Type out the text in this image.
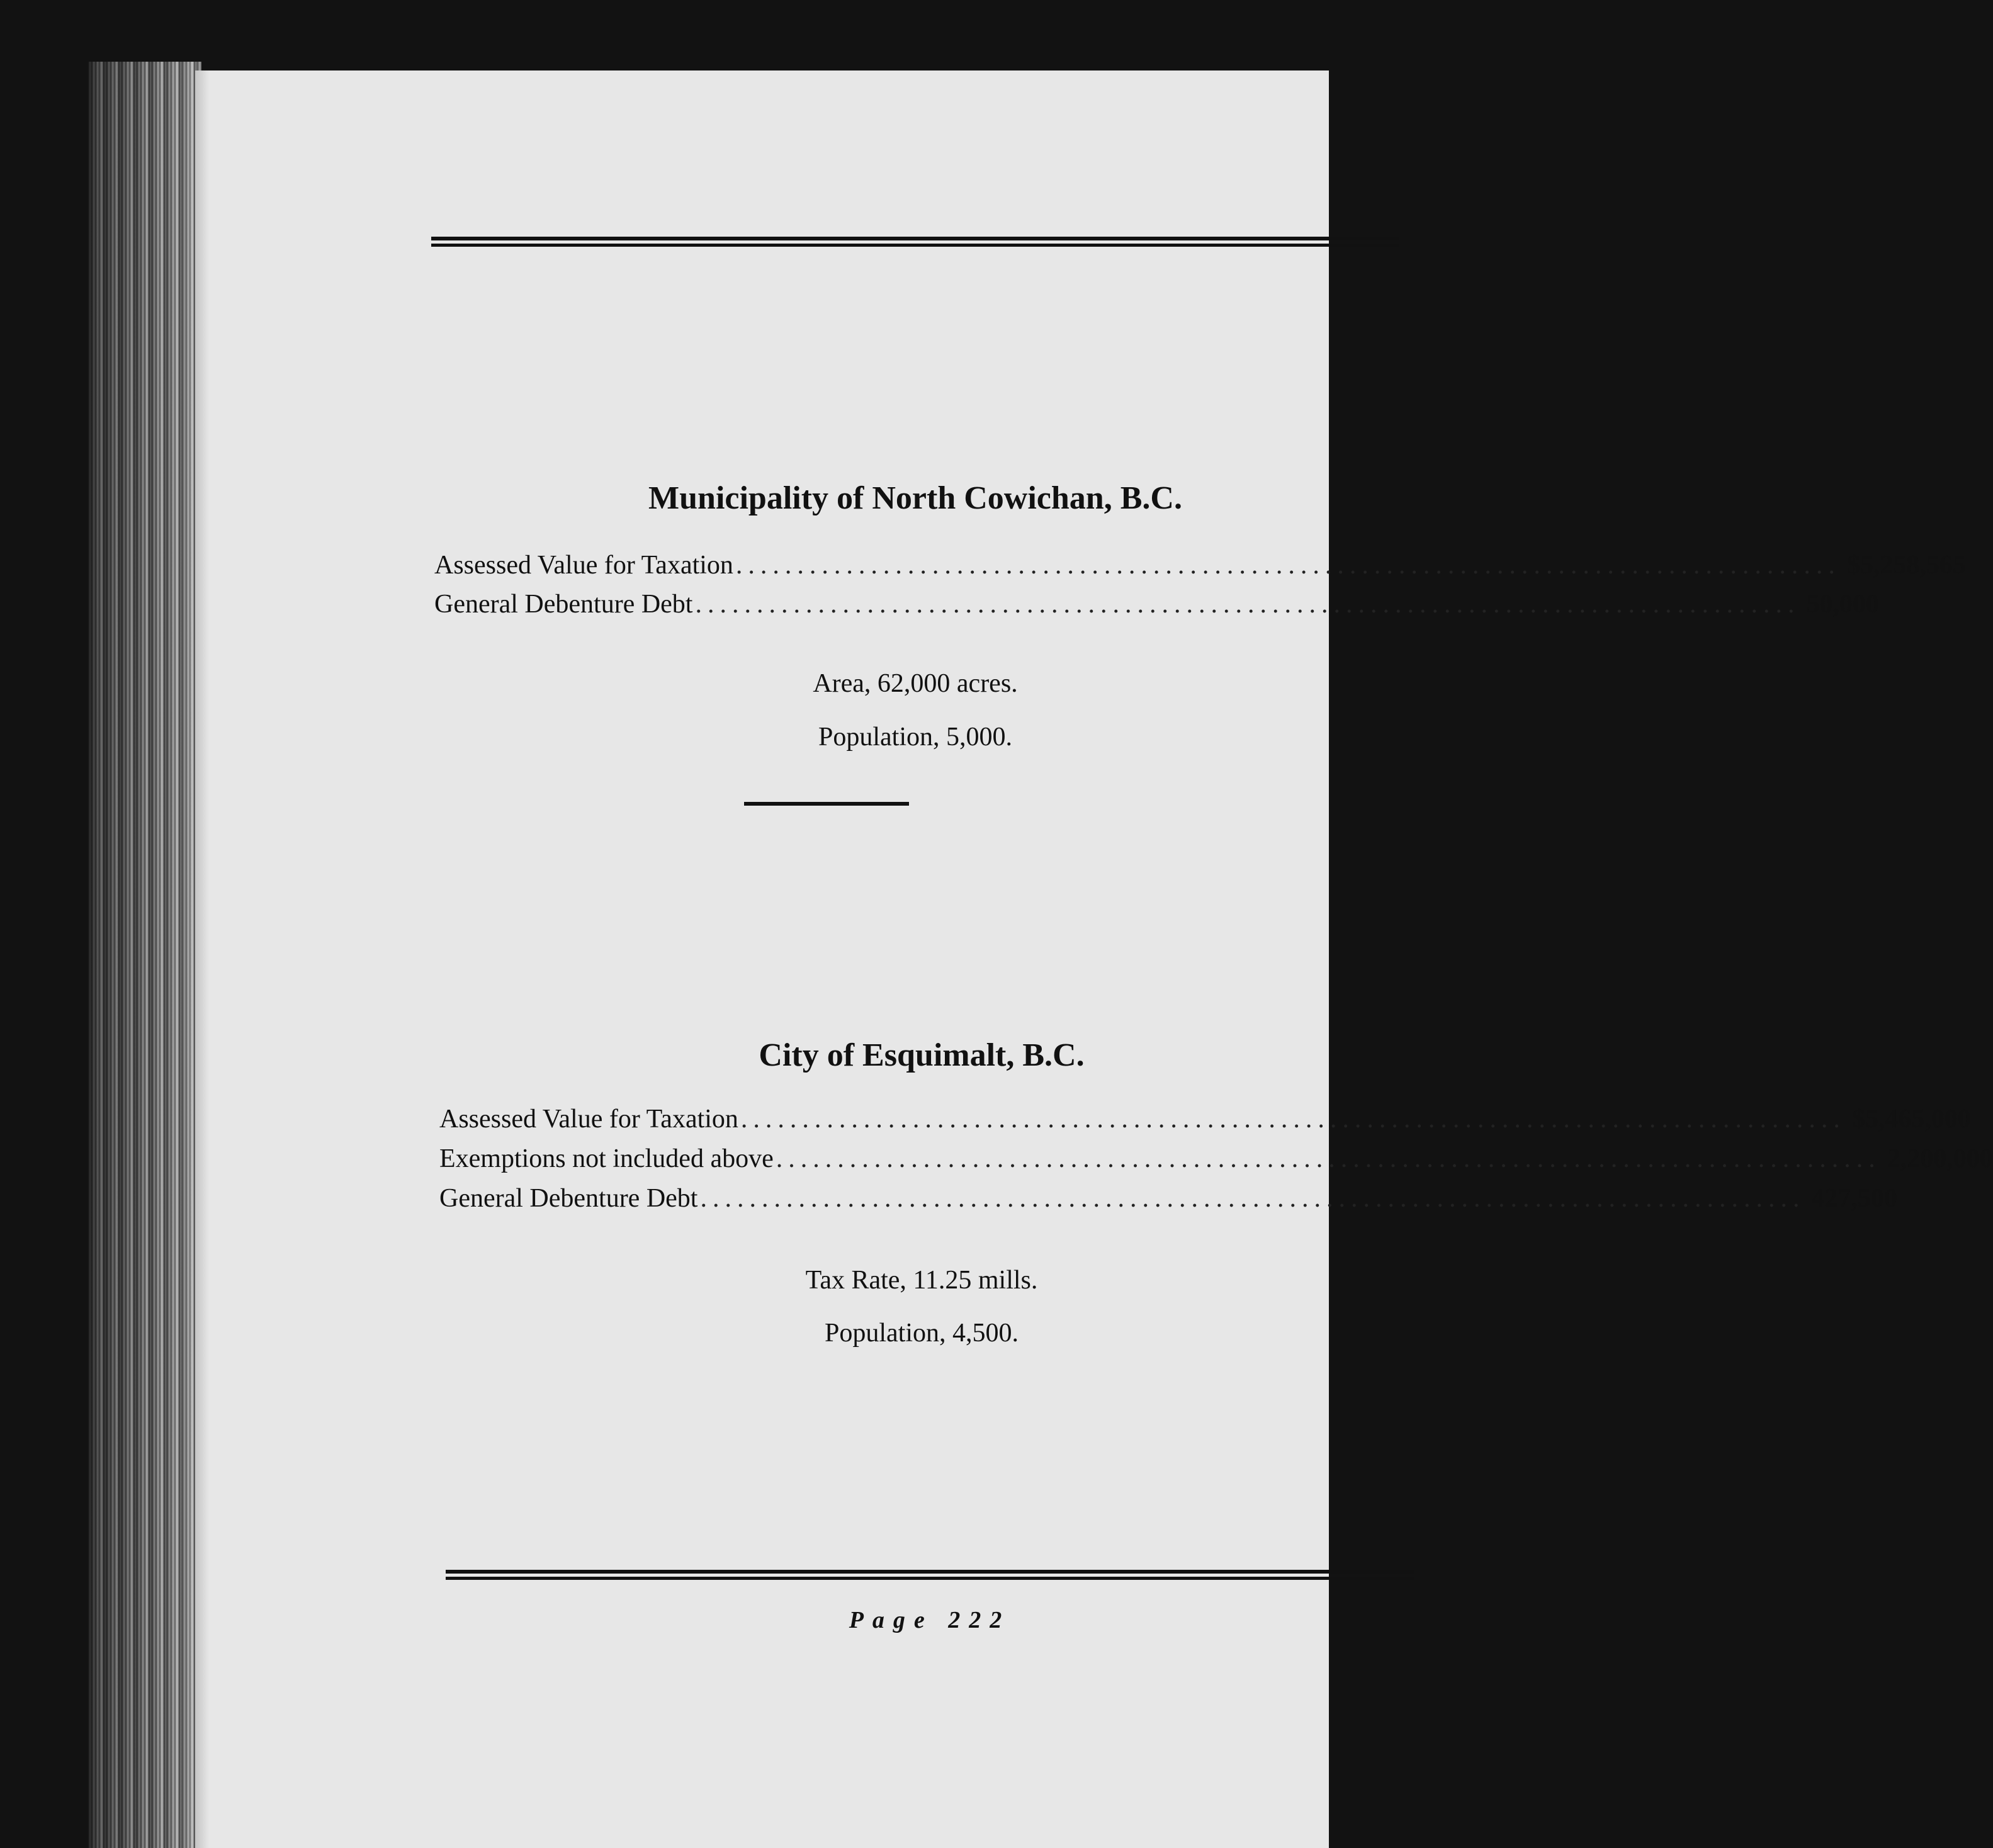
Municipality of North Cowichan, B.C.
Assessed Value for Taxation .......................................................................................... $5,258,565
General Debenture Debt .......................................................................................... 50,000
Area, 62,000 acres.
Population, 5,000.
City of Esquimalt, B.C.
Assessed Value for Taxation .......................................................................................... $5,465,000
Exemptions not included above .......................................................................................... 2,200,000
General Debenture Debt .......................................................................................... 427,500
Tax Rate, 11.25 mills.
Population, 4,500.
Page 222
